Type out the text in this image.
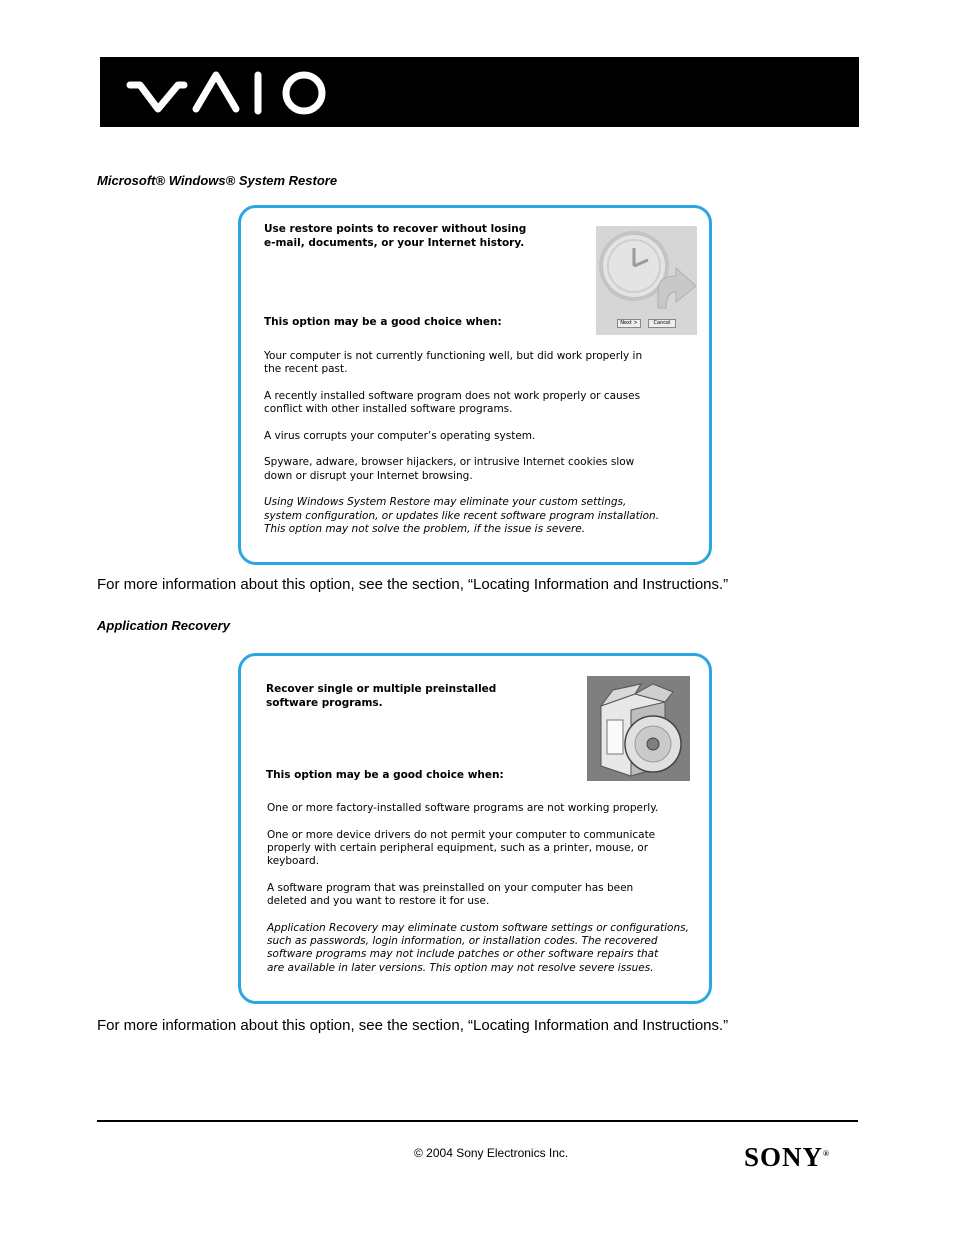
Microsoft® Windows® System Restore
Use restore points to recover without losing
e-mail, documents, or your Internet history.
Next >	Cancel
This option may be a good choice when:

Your computer is not currently functioning well, but did work properly in
the recent past.

A recently installed software program does not work properly or causes
conflict with other installed software programs.

A virus corrupts your computer’s operating system.

Spyware, adware, browser hijackers, or intrusive Internet cookies slow
down or disrupt your Internet browsing.

Using Windows System Restore may eliminate your custom settings,
system configuration, or updates like recent software program installation.
This option may not solve the problem, if the issue is severe.

For more information about this option, see the section, “Locating Information and Instructions.”
Application Recovery
Recover single or multiple preinstalled
software programs.
This option may be a good choice when:

One or more factory-installed software programs are not working properly.

One or more device drivers do not permit your computer to communicate
properly with certain peripheral equipment, such as a printer, mouse, or
keyboard.

A software program that was preinstalled on your computer has been
deleted and you want to restore it for use.

Application Recovery may eliminate custom software settings or configurations,
such as passwords, login information, or installation codes. The recovered
software programs may not include patches or other software repairs that
are available in later versions. This option may not resolve severe issues.

For more information about this option, see the section, “Locating Information and Instructions.”
© 2004 Sony Electronics Inc.	SONY®
